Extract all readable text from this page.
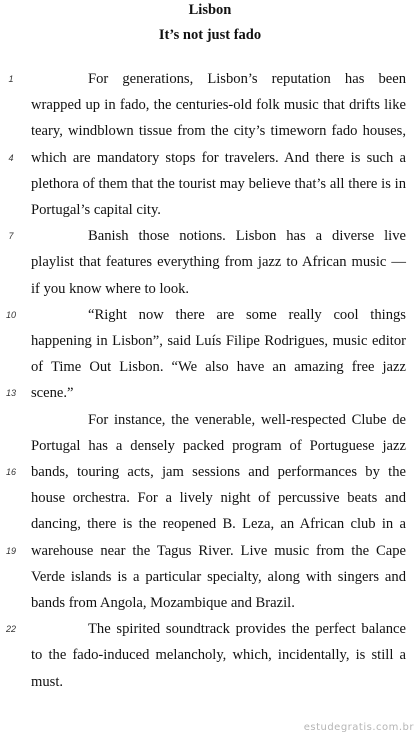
Lisbon
It’s not just fado
1
4
7
10
13
16
19
22

For generations, Lisbon’s reputation has been wrapped up in fado, the centuries-old folk music that drifts like teary, windblown tissue from the city’s timeworn fado houses, which are mandatory stops for travelers. And there is such a plethora of them that the tourist may believe that’s all there is in Portugal’s capital city.

Banish those notions. Lisbon has a diverse live playlist that features everything from jazz to African music — if you know where to look.

“Right now there are some really cool things happening in Lisbon”, said Luís Filipe Rodrigues, music editor of Time Out Lisbon. “We also have an amazing free jazz scene.”

For instance, the venerable, well-respected Clube de Portugal has a densely packed program of Portuguese jazz bands, touring acts, jam sessions and performances by the house orchestra. For a lively night of percussive beats and dancing, there is the reopened B. Leza, an African club in a warehouse near the Tagus River. Live music from the Cape Verde islands is a particular specialty, along with singers and bands from Angola, Mozambique and Brazil.

The spirited soundtrack provides the perfect balance to the fado-induced melancholy, which, incidentally, is still a must.

estudegratis.com.br
